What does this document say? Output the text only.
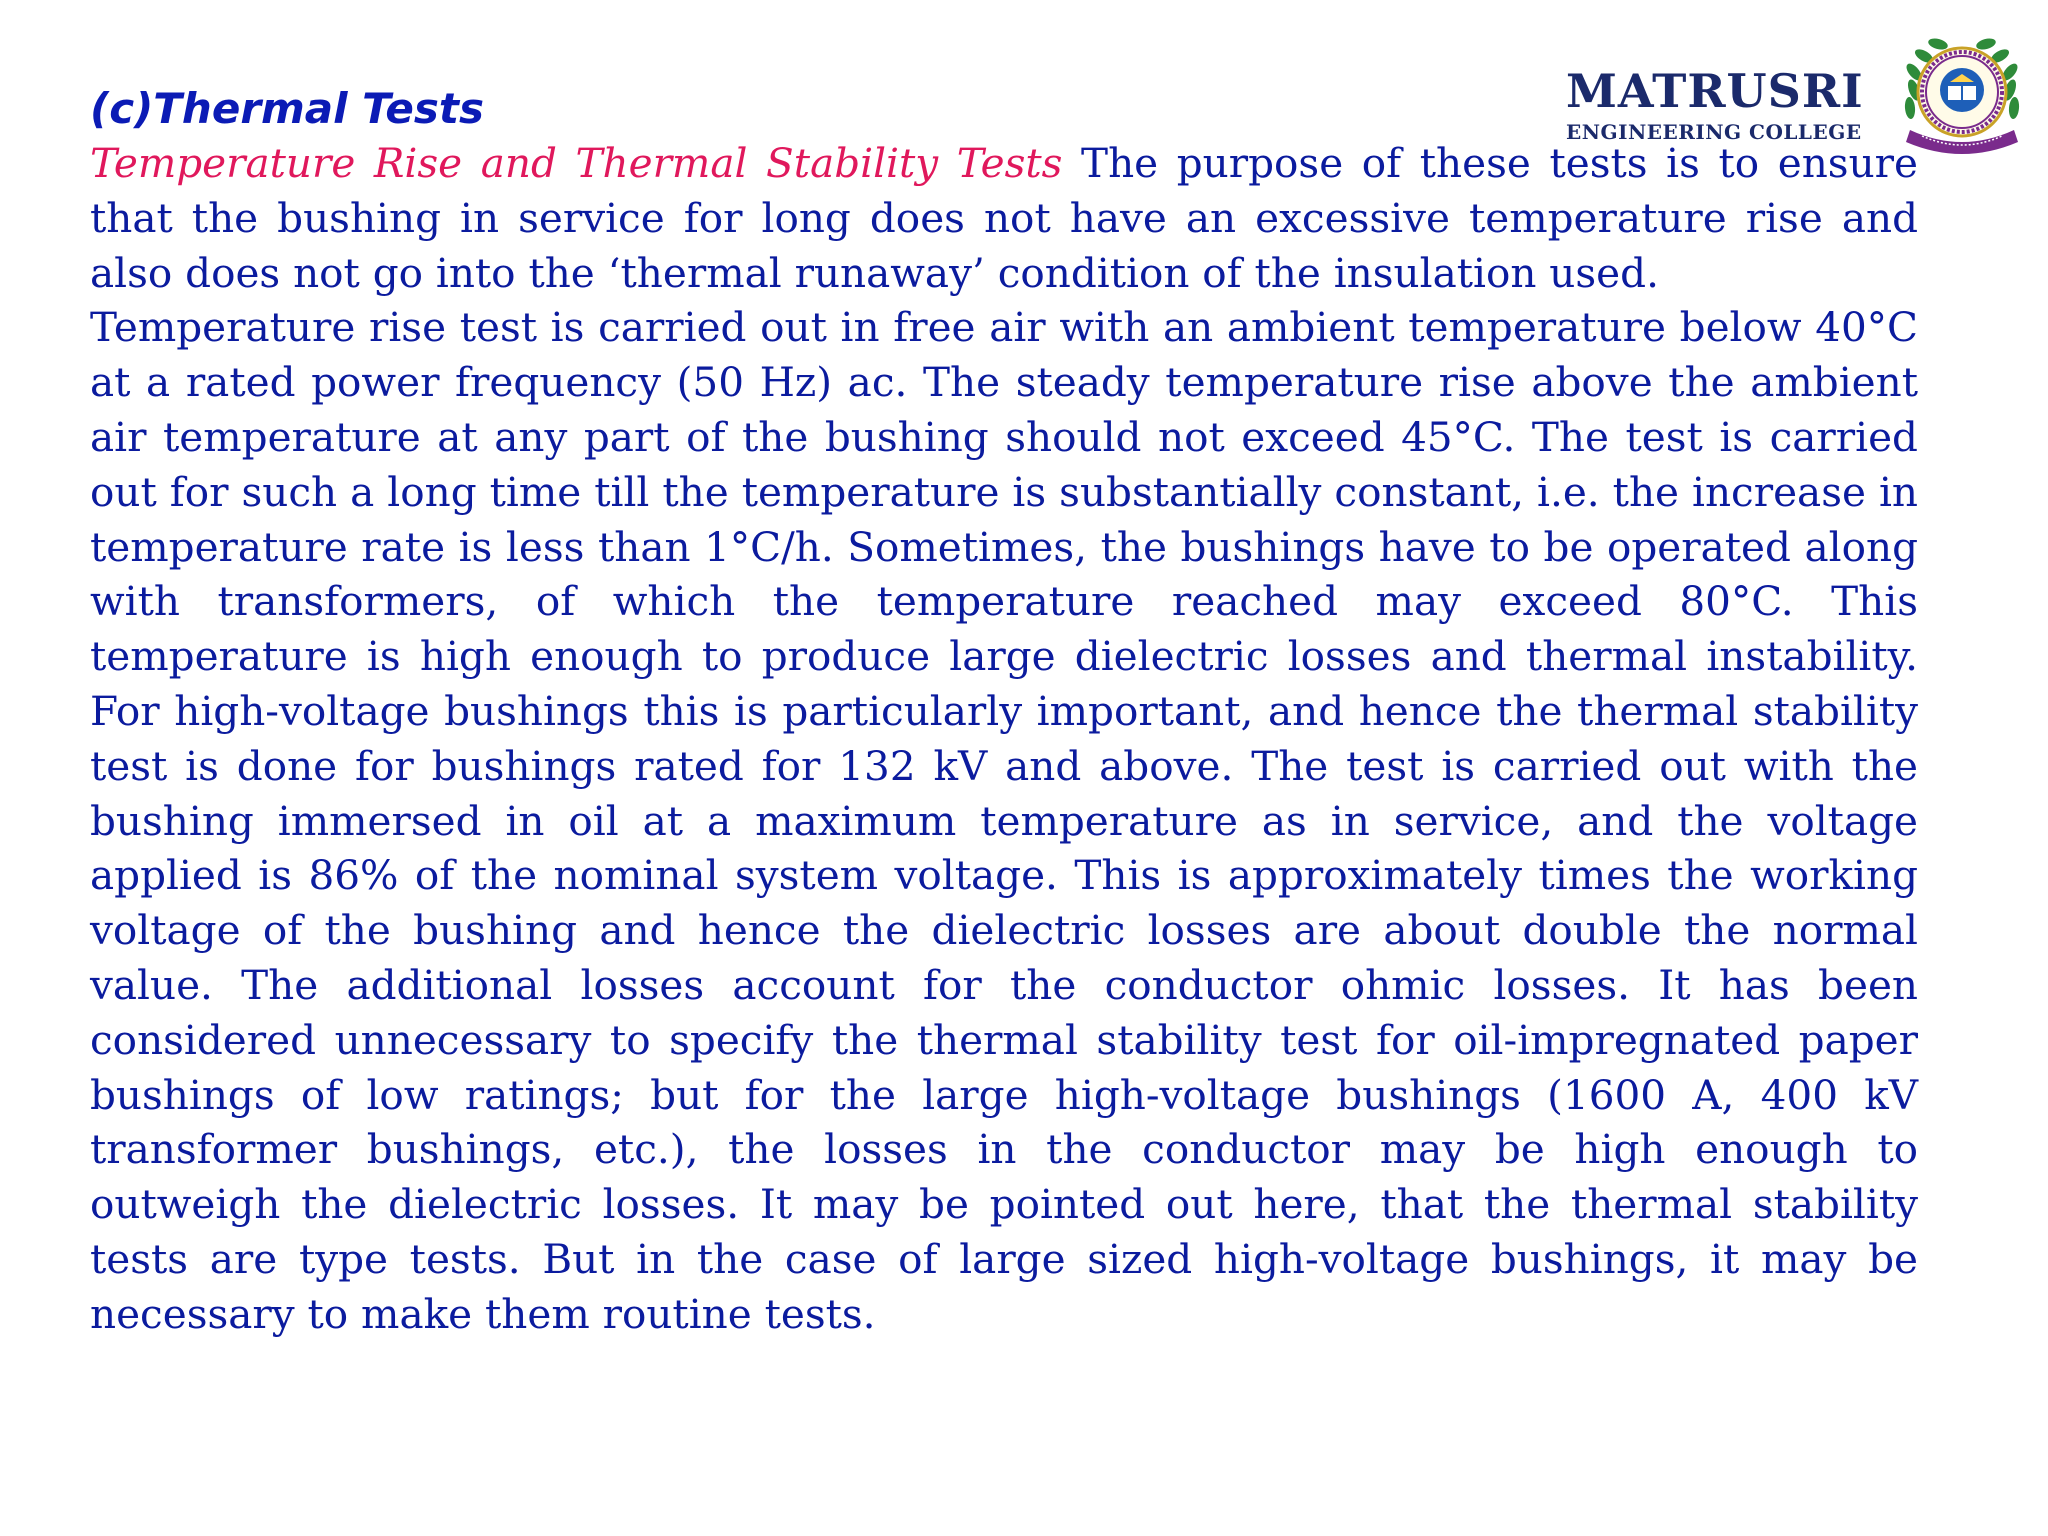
(c)Thermal Tests	MATRUSRI
ENGINEERING COLLEGE

Temperature Rise and Thermal Stability Tests The purpose of these tests is to ensure that the bushing in service for long does not have an excessive temperature rise and also does not go into the ‘thermal runaway’ condition of the insulation used.

Temperature rise test is carried out in free air with an ambient temperature below 40°C at a rated power frequency (50 Hz) ac. The steady temperature rise above the ambient air temperature at any part of the bushing should not exceed 45°C. The test is carried out for such a long time till the temperature is substantially constant, i.e. the increase in temperature rate is less than 1°C/h. Sometimes, the bushings have to be operated along with transformers, of which the temperature reached may exceed 80°C. This temperature is high enough to produce large dielectric losses and thermal instability. For high-voltage bushings this is particularly important, and hence the thermal stability test is done for bushings rated for 132 kV and above. The test is carried out with the bushing immersed in oil at a maximum temperature as in service, and the voltage applied is 86% of the nominal system voltage. This is approximately times the working voltage of the bushing and hence the dielectric losses are about double the normal value. The additional losses account for the conductor ohmic losses. It has been considered unnecessary to specify the thermal stability test for oil-impregnated paper bushings of low ratings; but for the large high-voltage bushings (1600 A, 400 kV transformer bushings, etc.), the losses in the conductor may be high enough to outweigh the dielectric losses. It may be pointed out here, that the thermal stability tests are type tests. But in the case of large sized high-voltage bushings, it may be necessary to make them routine tests.
